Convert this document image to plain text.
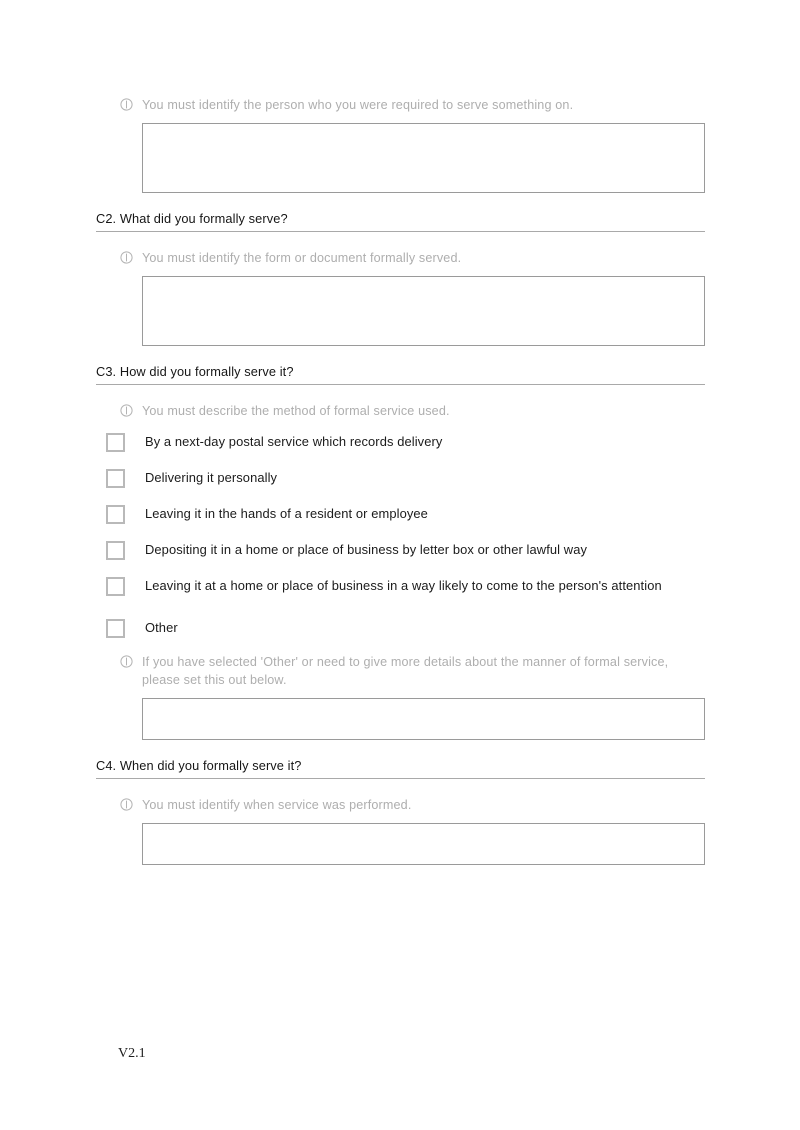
You must identify the person who you were required to serve something on.
C2. What did you formally serve?
You must identify the form or document formally served.
C3. How did you formally serve it?
You must describe the method of formal service used.
By a next-day postal service which records delivery
Delivering it personally
Leaving it in the hands of a resident or employee
Depositing it in a home or place of business by letter box or other lawful way
Leaving it at a home or place of business in a way likely to come to the person's attention
Other
If you have selected 'Other' or need to give more details about the manner of formal service, please set this out below.
C4. When did you formally serve it?
You must identify when service was performed.
V2.1
